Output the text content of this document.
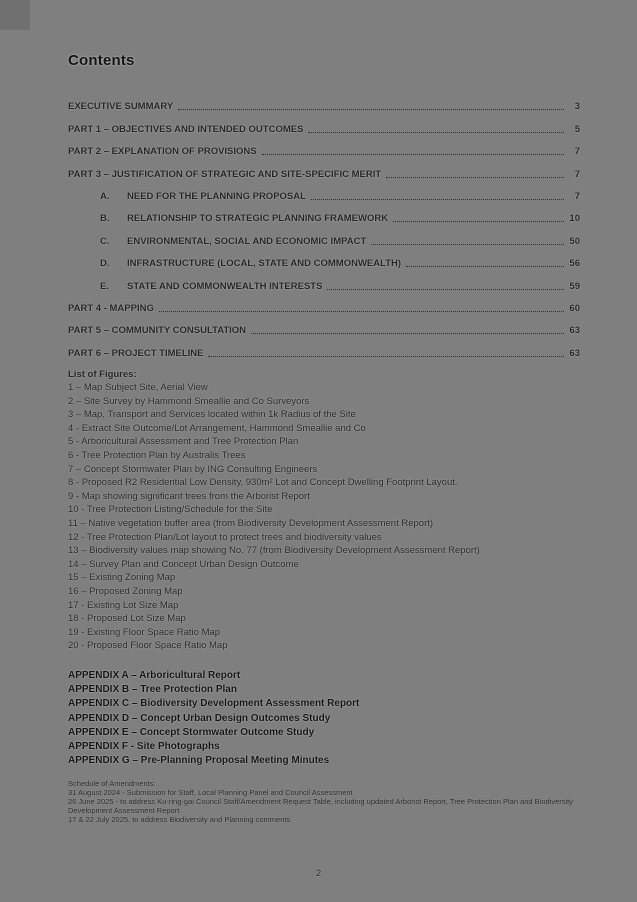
Contents
EXECUTIVE SUMMARY	3
PART 1 – OBJECTIVES AND INTENDED OUTCOMES	5
PART 2 – EXPLANATION OF PROVISIONS	7
PART 3 – JUSTIFICATION OF STRATEGIC AND SITE-SPECIFIC MERIT	7
A.	NEED FOR THE PLANNING PROPOSAL	7
B.	RELATIONSHIP TO STRATEGIC PLANNING FRAMEWORK	10
C.	ENVIRONMENTAL, SOCIAL AND ECONOMIC IMPACT	50
D.	INFRASTRUCTURE (LOCAL, STATE AND COMMONWEALTH)	56
E.	STATE AND COMMONWEALTH INTERESTS	59
PART 4 - MAPPING	60
PART 5 – COMMUNITY CONSULTATION	63
PART 6 – PROJECT TIMELINE	63

List of Figures:

1 – Map Subject Site, Aerial View
2 – Site Survey by Hammond Smeallie and Co Surveyors
3 – Map, Transport and Services located within 1k Radius of the Site
4 - Extract Site Outcome/Lot Arrangement, Hammond Smeallie and Co
5 - Arboricultural Assessment and Tree Protection Plan
6 - Tree Protection Plan by Australis Trees
7 – Concept Stormwater Plan by ING Consulting Engineers
8 - Proposed R2 Residential Low Density, 930m² Lot and Concept Dwelling Footprint Layout.
9 - Map showing significant trees from the Arborist Report
10 - Tree Protection Listing/Schedule for the Site
11 – Native vegetation buffer area (from Biodiversity Development Assessment Report)
12 - Tree Protection Plan/Lot layout to protect trees and biodiversity values
13 – Biodiversity values map showing No. 77 (from Biodiversity Development Assessment Report)
14 – Survey Plan and Concept Urban Design Outcome
15 – Existing Zoning Map
16 – Proposed Zoning Map
17 - Existing Lot Size Map
18 - Proposed Lot Size Map
19 - Existing Floor Space Ratio Map
20 - Proposed Floor Space Ratio Map
APPENDIX A – Arboricultural Report
APPENDIX B – Tree Protection Plan
APPENDIX C – Biodiversity Development Assessment Report
APPENDIX D – Concept Urban Design Outcomes Study
APPENDIX E – Concept Stormwater Outcome Study
APPENDIX F - Site Photographs
APPENDIX G – Pre-Planning Proposal Meeting Minutes

Schedule of Amendments:

31 August 2024 - Submission for Staff, Local Planning Panel and Council Assessment

26 June 2025 - to address Ku-ring-gai Council Staff/Amendment Request Table, including updated Arborist Report, Tree Protection Plan and Biodiversity Development Assessment Report

17 & 22 July 2025, to address Biodiversity and Planning comments

2
